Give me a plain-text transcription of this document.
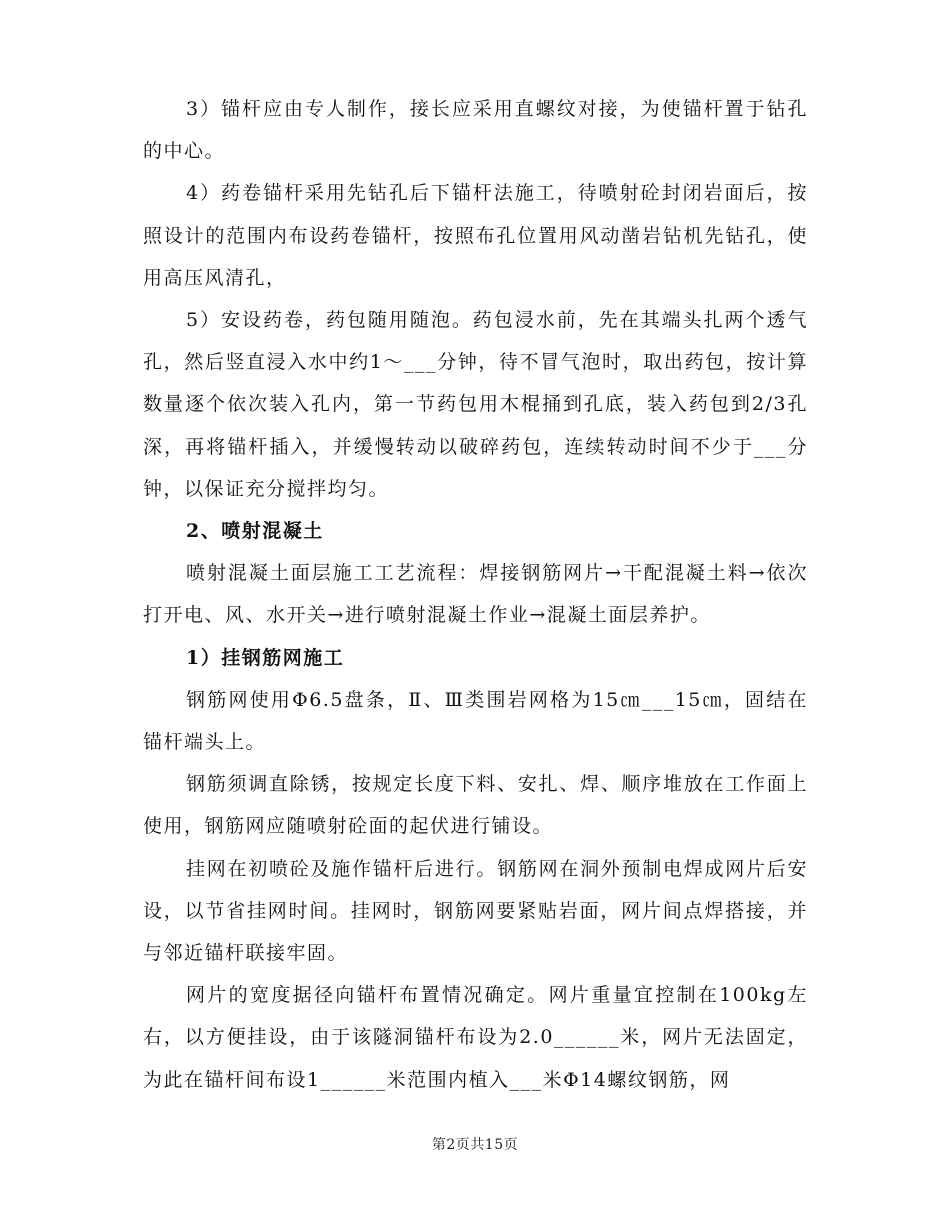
3）锚杆应由专人制作，接长应采用直螺纹对接，为使锚杆置于钻孔的中心。

4）药卷锚杆采用先钻孔后下锚杆法施工，待喷射砼封闭岩面后，按照设计的范围内布设药卷锚杆，按照布孔位置用风动凿岩钻机先钻孔，使用高压风清孔，

5）安设药卷，药包随用随泡。药包浸水前，先在其端头扎两个透气孔，然后竖直浸入水中约1～___分钟，待不冒气泡时，取出药包，按计算数量逐个依次装入孔内，第一节药包用木棍捅到孔底，装入药包到2/3孔深，再将锚杆插入，并缓慢转动以破碎药包，连续转动时间不少于___分钟，以保证充分搅拌均匀。

2、喷射混凝土

喷射混凝土面层施工工艺流程：焊接钢筋网片→干配混凝土料→依次打开电、风、水开关→进行喷射混凝土作业→混凝土面层养护。

1）挂钢筋网施工

钢筋网使用Φ6.5盘条，Ⅱ、Ⅲ类围岩网格为15㎝___15㎝，固结在锚杆端头上。

钢筋须调直除锈，按规定长度下料、安扎、焊、顺序堆放在工作面上使用，钢筋网应随喷射砼面的起伏进行铺设。

挂网在初喷砼及施作锚杆后进行。钢筋网在洞外预制电焊成网片后安设，以节省挂网时间。挂网时，钢筋网要紧贴岩面，网片间点焊搭接，并与邻近锚杆联接牢固。

网片的宽度据径向锚杆布置情况确定。网片重量宜控制在100kg左右，以方便挂设，由于该隧洞锚杆布设为2.0______米，网片无法固定，为此在锚杆间布设1______米范围内植入___米Φ14螺纹钢筋，网

第2页共15页
